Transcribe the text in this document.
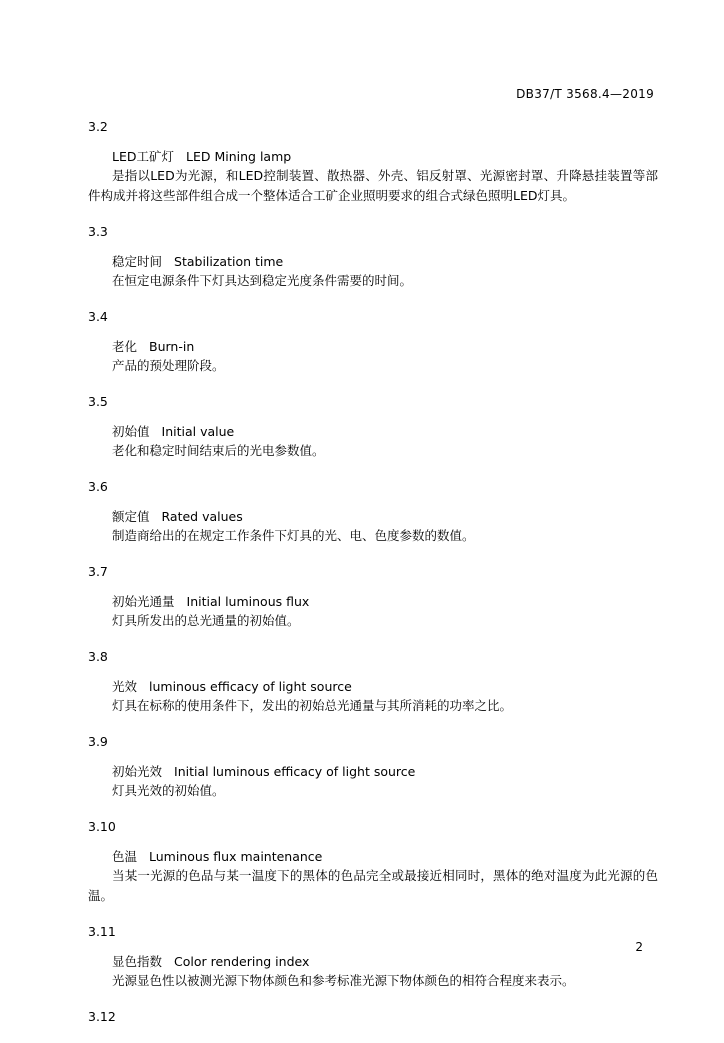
DB37/T 3568.4—2019
3.2
LED工矿灯 LED Mining lamp
是指以LED为光源，和LED控制装置、散热器、外壳、铝反射罩、光源密封罩、升降悬挂装置等部件构成并将这些部件组合成一个整体适合工矿企业照明要求的组合式绿色照明LED灯具。
3.3
稳定时间 Stabilization time
在恒定电源条件下灯具达到稳定光度条件需要的时间。
3.4
老化 Burn-in
产品的预处理阶段。
3.5
初始值 Initial value
老化和稳定时间结束后的光电参数值。
3.6
额定值 Rated values
制造商给出的在规定工作条件下灯具的光、电、色度参数的数值。
3.7
初始光通量 Initial luminous flux
灯具所发出的总光通量的初始值。
3.8
光效 luminous efficacy of light source
灯具在标称的使用条件下，发出的初始总光通量与其所消耗的功率之比。
3.9
初始光效 Initial luminous efficacy of light source
灯具光效的初始值。
3.10
色温 Luminous flux maintenance
当某一光源的色品与某一温度下的黑体的色品完全或最接近相同时，黑体的绝对温度为此光源的色温。
3.11
显色指数 Color rendering index
光源显色性以被测光源下物体颜色和参考标准光源下物体颜色的相符合程度来表示。
3.12
2
